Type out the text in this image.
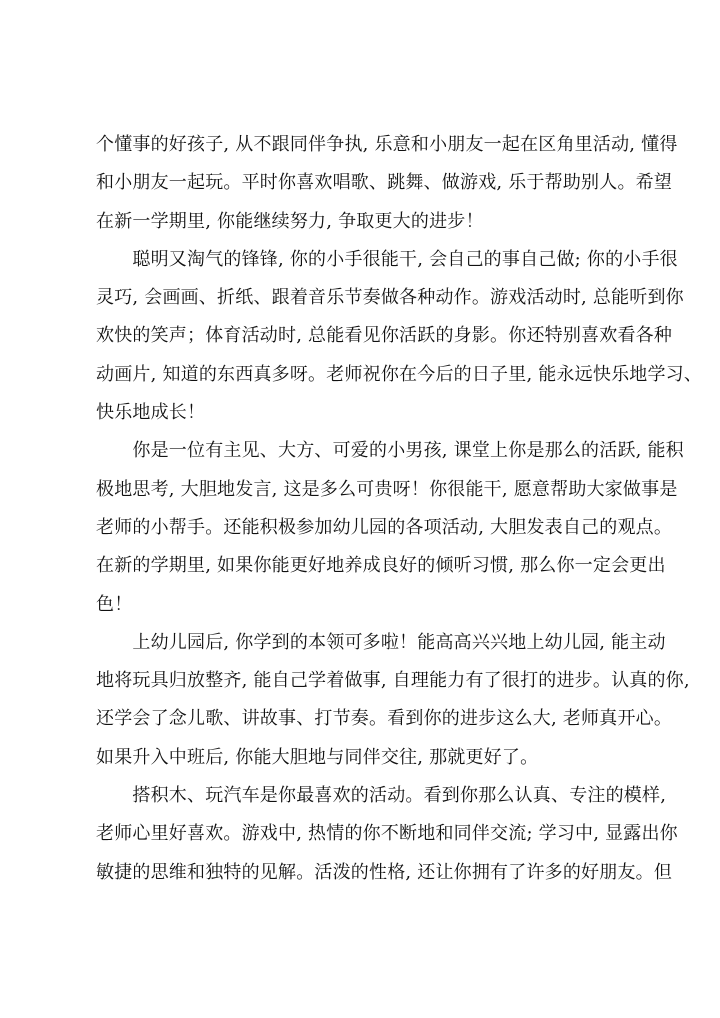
个懂事的好孩子, 从不跟同伴争执, 乐意和小朋友一起在区角里活动, 懂得
和小朋友一起玩。平时你喜欢唱歌、跳舞、做游戏, 乐于帮助别人。希望
在新一学期里, 你能继续努力, 争取更大的进步！
　　聪明又淘气的锋锋, 你的小手很能干, 会自己的事自己做; 你的小手很
灵巧, 会画画、折纸、跟着音乐节奏做各种动作。游戏活动时, 总能听到你
欢快的笑声；体育活动时, 总能看见你活跃的身影。你还特别喜欢看各种
动画片, 知道的东西真多呀。老师祝你在今后的日子里, 能永远快乐地学习、
快乐地成长！
　　你是一位有主见、大方、可爱的小男孩, 课堂上你是那么的活跃, 能积
极地思考, 大胆地发言, 这是多么可贵呀！你很能干, 愿意帮助大家做事是
老师的小帮手。还能积极参加幼儿园的各项活动, 大胆发表自己的观点。
在新的学期里, 如果你能更好地养成良好的倾听习惯, 那么你一定会更出
色！
　　上幼儿园后, 你学到的本领可多啦！能高高兴兴地上幼儿园, 能主动
地将玩具归放整齐, 能自己学着做事, 自理能力有了很打的进步。认真的你,
还学会了念儿歌、讲故事、打节奏。看到你的进步这么大, 老师真开心。
如果升入中班后, 你能大胆地与同伴交往, 那就更好了。
　　搭积木、玩汽车是你最喜欢的活动。看到你那么认真、专注的模样,
老师心里好喜欢。游戏中, 热情的你不断地和同伴交流; 学习中, 显露出你
敏捷的思维和独特的见解。活泼的性格, 还让你拥有了许多的好朋友。但
